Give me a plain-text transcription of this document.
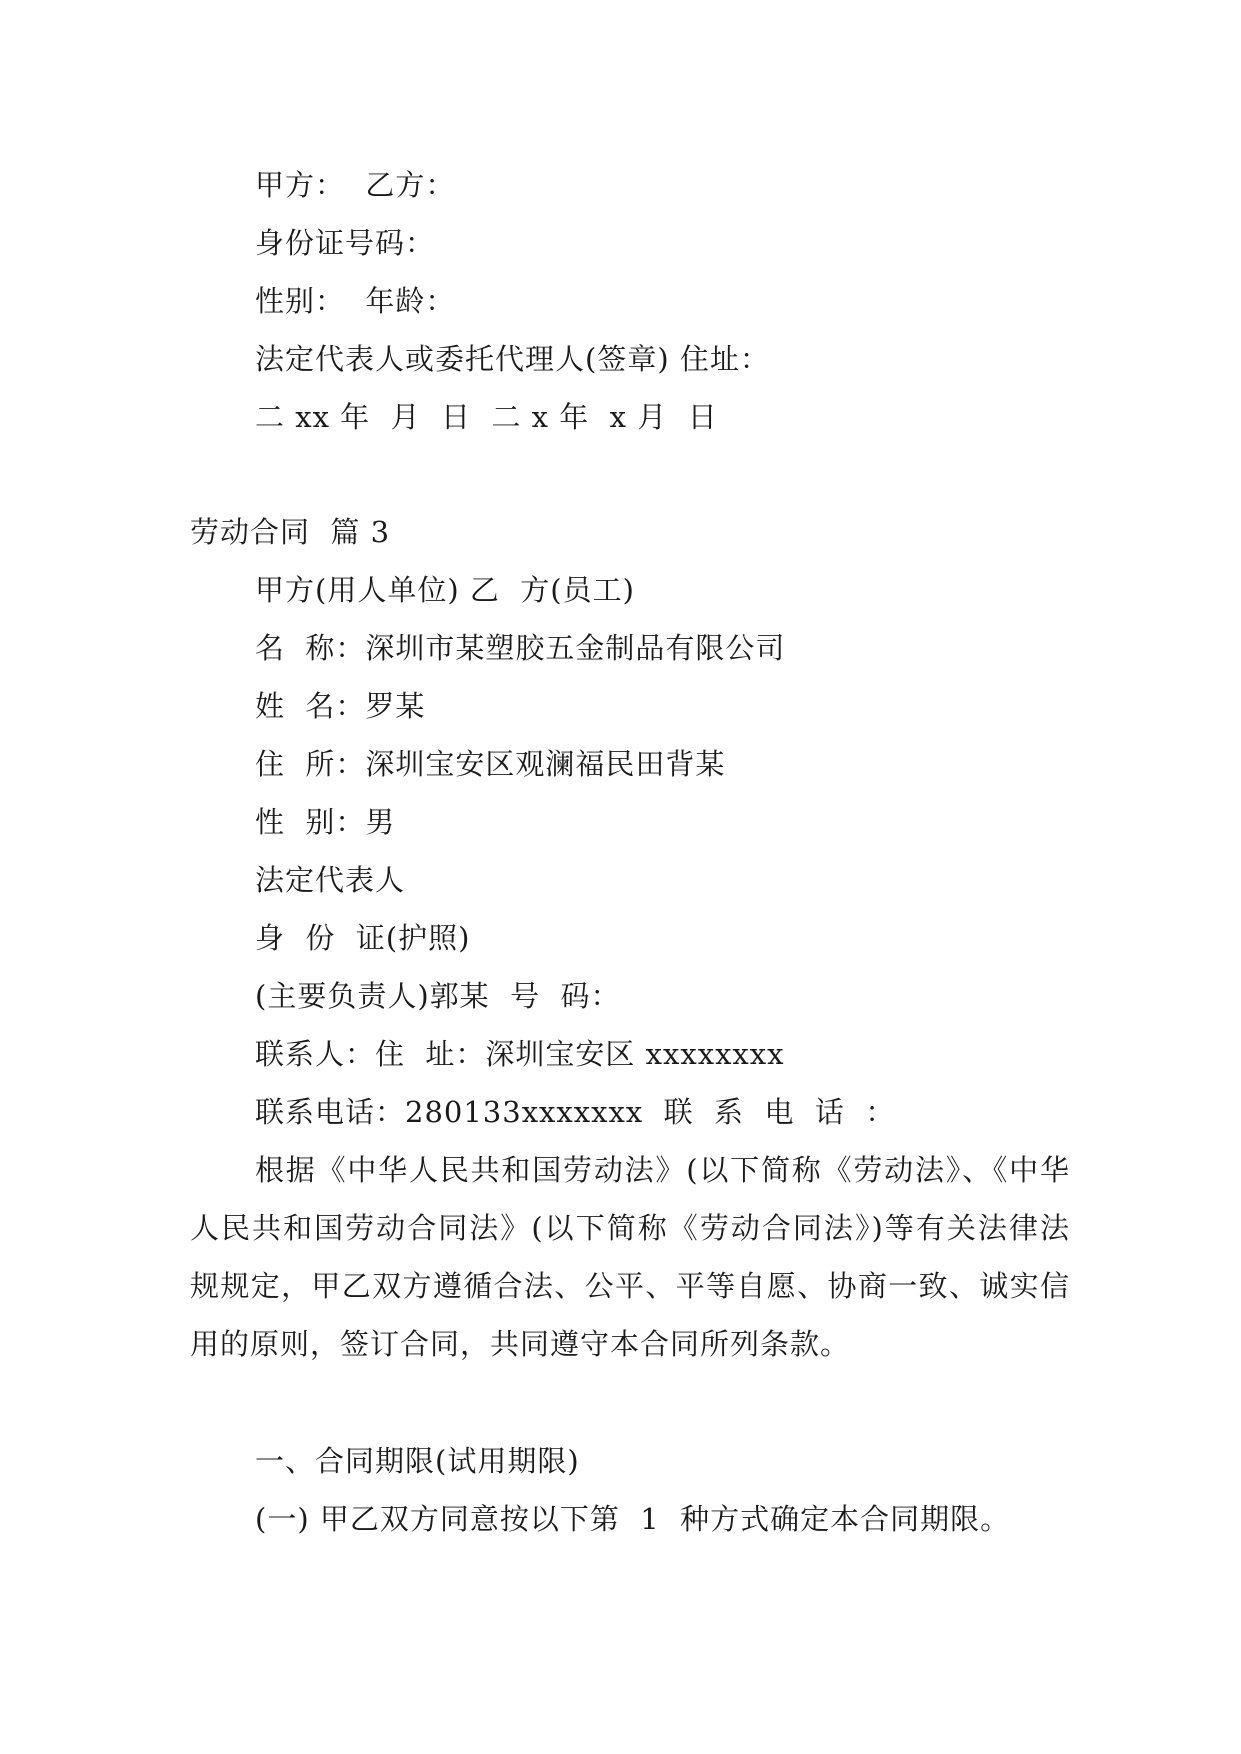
甲方：  乙方：
身份证号码：
性别：  年龄：
法定代表人或委托代理人(签章) 住址：
二 xx 年  月  日  二 x 年  x 月  日
劳动合同  篇 3
甲方(用人单位) 乙  方(员工)
名  称：深圳市某塑胶五金制品有限公司
姓  名：罗某
住  所：深圳宝安区观澜福民田背某
性  别：男
法定代表人
身  份  证(护照)
(主要负责人)郭某  号  码：
联系人：住  址：深圳宝安区 xxxxxxxx
联系电话：280133xxxxxxx  联  系  电  话  ：
根据《中华人民共和国劳动法》(以下简称《劳动法》、《中华人民共和国劳动合同法》(以下简称《劳动合同法》)等有关法律法规规定，甲乙双方遵循合法、公平、平等自愿、协商一致、诚实信用的原则，签订合同，共同遵守本合同所列条款。
一、合同期限(试用期限)
(一) 甲乙双方同意按以下第  1  种方式确定本合同期限。
